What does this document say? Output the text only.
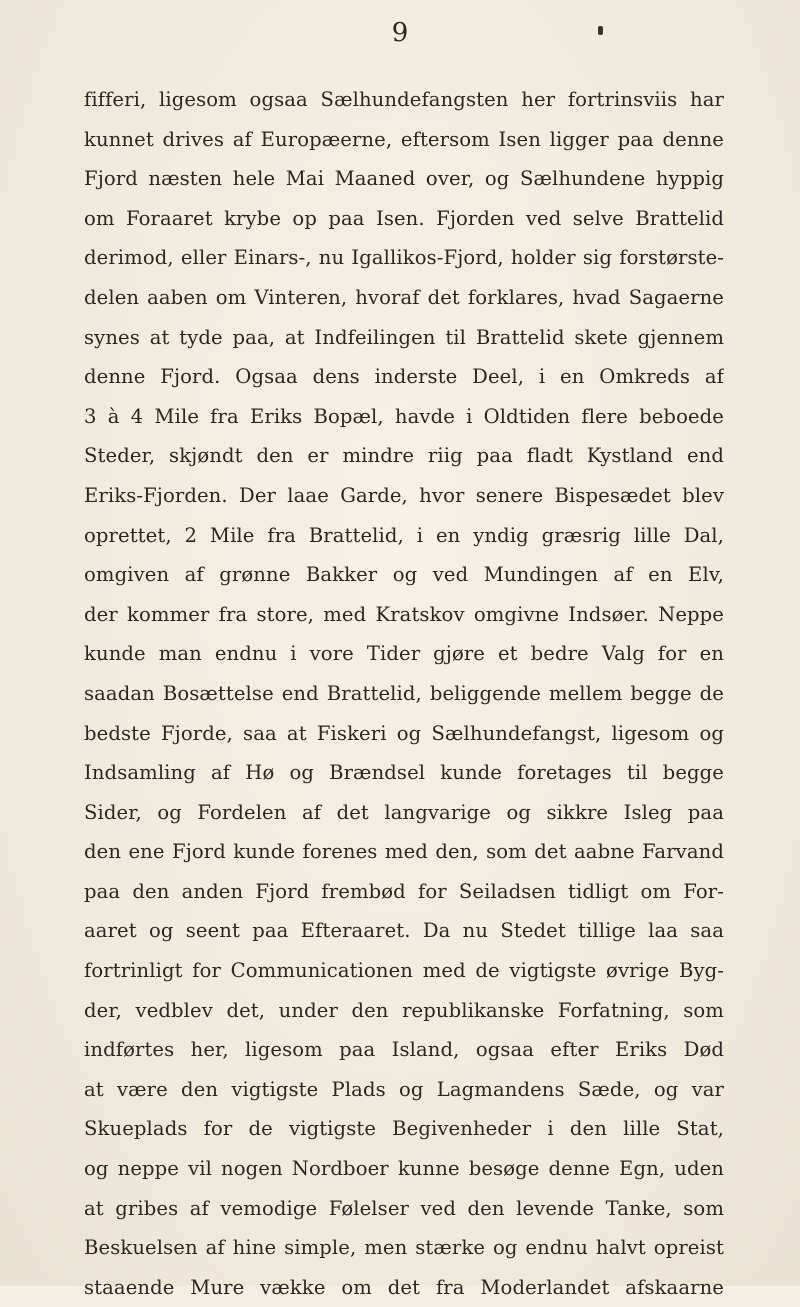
9
fifferi, ligesom ogsaa Sælhundefangsten her fortrinsviis har
kunnet drives af Europæerne, eftersom Isen ligger paa denne
Fjord næsten hele Mai Maaned over, og Sælhundene hyppig
om Foraaret krybe op paa Isen. Fjorden ved selve Brattelid
derimod, eller Einars-, nu Igallikos-Fjord, holder sig forstørste-
delen aaben om Vinteren, hvoraf det forklares, hvad Sagaerne
synes at tyde paa, at Indfeilingen til Brattelid skete gjennem
denne Fjord. Ogsaa dens inderste Deel, i en Omkreds af
3 à 4 Mile fra Eriks Bopæl, havde i Oldtiden flere beboede
Steder, skjøndt den er mindre riig paa fladt Kystland end
Eriks-Fjorden. Der laae Garde, hvor senere Bispesædet blev
oprettet, 2 Mile fra Brattelid, i en yndig græsrig lille Dal,
omgiven af grønne Bakker og ved Mundingen af en Elv,
der kommer fra store, med Kratskov omgivne Indsøer. Neppe
kunde man endnu i vore Tider gjøre et bedre Valg for en
saadan Bosættelse end Brattelid, beliggende mellem begge de
bedste Fjorde, saa at Fiskeri og Sælhundefangst, ligesom og
Indsamling af Hø og Brændsel kunde foretages til begge
Sider, og Fordelen af det langvarige og sikkre Isleg paa
den ene Fjord kunde forenes med den, som det aabne Farvand
paa den anden Fjord frembød for Seiladsen tidligt om For-
aaret og seent paa Efteraaret. Da nu Stedet tillige laa saa
fortrinligt for Communicationen med de vigtigste øvrige Byg-
der, vedblev det, under den republikanske Forfatning, som
indførtes her, ligesom paa Island, ogsaa efter Eriks Død
at være den vigtigste Plads og Lagmandens Sæde, og var
Skueplads for de vigtigste Begivenheder i den lille Stat,
og neppe vil nogen Nordboer kunne besøge denne Egn, uden
at gribes af vemodige Følelser ved den levende Tanke, som
Beskuelsen af hine simple, men stærke og endnu halvt opreist
staaende Mure vække om det fra Moderlandet afskaarne
